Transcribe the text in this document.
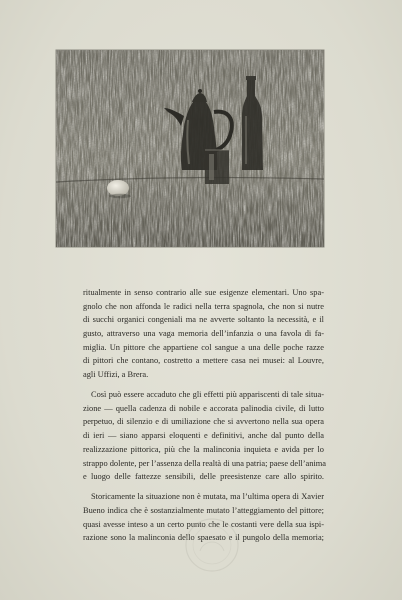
ritualmente in senso contrario alle sue esigenze elementari. Uno spa-
gnolo che non affonda le radici nella terra spagnola, che non si nutre
di succhi organici congeniali ma ne avverte soltanto la necessità, e il
gusto, attraverso una vaga memoria dell’infanzia o una favola di fa-
miglia. Un pittore che appartiene col sangue a una delle poche razze
di pittori che contano, costretto a mettere casa nei musei: al Louvre,
agli Uffizi, a Brera.

Così può essere accaduto che gli effetti più appariscenti di tale situa-
zione — quella cadenza di nobile e accorata palinodia civile, di lutto
perpetuo, di silenzio e di umiliazione che si avvertono nella sua opera
di ieri — siano apparsi eloquenti e definitivi, anche dal punto della
realizzazione pittorica, più che la malinconia inquieta e avida per lo
strappo dolente, per l’assenza della realtà di una patria; paese dell’anima
e luogo delle fattezze sensibili, delle preesistenze care allo spirito.

Storicamente la situazione non è mutata, ma l’ultima opera di Xavier
Bueno indica che è sostanzialmente mutato l’atteggiamento del pittore;
quasi avesse inteso a un certo punto che le costanti vere della sua ispi-
razione sono la malinconia dello spaesato e il pungolo della memoria;
